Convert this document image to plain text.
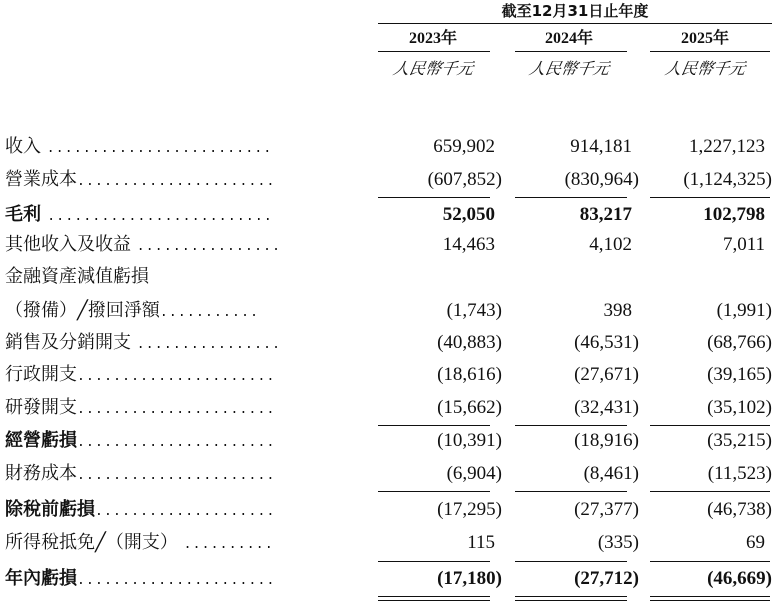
截至12月31日止年度
2023年	2024年	2025年
人民幣千元	人民幣千元	人民幣千元
收入 .........................	659,902	914,181	1,227,123
營業成本......................	(607,852)	(830,964)	(1,124,325)
毛利 .........................	52,050	83,217	102,798
其他收入及收益 ................	14,463	4,102	7,011
金融資產減值虧損
（撥備）╱撥回淨額...........	(1,743)	398	(1,991)
銷售及分銷開支 ................	(40,883)	(46,531)	(68,766)
行政開支......................	(18,616)	(27,671)	(39,165)
研發開支......................	(15,662)	(32,431)	(35,102)
經營虧損......................	(10,391)	(18,916)	(35,215)
財務成本......................	(6,904)	(8,461)	(11,523)
除稅前虧損....................	(17,295)	(27,377)	(46,738)
所得稅抵免╱（開支） ..........	115	(335)	69
年內虧損......................	(17,180)	(27,712)	(46,669)
